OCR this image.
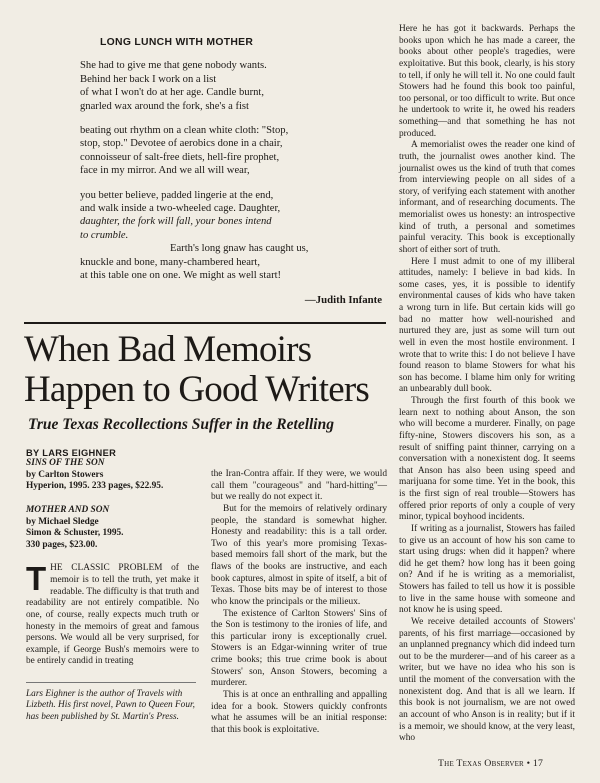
LONG LUNCH WITH MOTHER
She had to give me that gene nobody wants.
Behind her back I work on a list
of what I won't do at her age. Candle burnt,
gnarled wax around the fork, she's a fist
beating out rhythm on a clean white cloth: "Stop,
stop, stop." Devotee of aerobics done in a chair,
connoisseur of salt-free diets, hell-fire prophet,
face in my mirror. And we all will wear,
you better believe, padded lingerie at the end,
and walk inside a two-wheeled cage. Daughter,
daughter, the fork will fall, your bones intend
to crumble.
Earth's long gnaw has caught us,
knuckle and bone, many-chambered heart,
at this table one on one. We might as well start!
—Judith Infante
When Bad Memoirs
Happen to Good Writers
True Texas Recollections Suffer in the Retelling
BY LARS EIGHNER
SINS OF THE SON
by Carlton Stowers
Hyperion, 1995. 233 pages, $22.95.
MOTHER AND SON
by Michael Sledge
Simon & Schuster, 1995.
330 pages, $23.00.

THE CLASSIC PROBLEM of the memoir is to tell the truth, yet make it readable. The difficulty is that truth and readability are not entirely compatible. No one, of course, really expects much truth or honesty in the memoirs of great and famous persons. We would all be very surprised, for example, if George Bush's memoirs were to be entirely candid in treating

Lars Eighner is the author of Travels with Lizbeth. His first novel, Pawn to Queen Four, has been published by St. Martin's Press.

the Iran-Contra affair. If they were, we would call them "courageous" and "hard-hitting"—but we really do not expect it.

But for the memoirs of relatively ordinary people, the standard is somewhat higher. Honesty and readability: this is a tall order. Two of this year's more promising Texas-based memoirs fall short of the mark, but the flaws of the books are instructive, and each book captures, almost in spite of itself, a bit of Texas. Those bits may be of interest to those who know the principals or the milieux.

The existence of Carlton Stowers' Sins of the Son is testimony to the ironies of life, and this particular irony is exceptionally cruel. Stowers is an Edgar-winning writer of true crime books; this true crime book is about Stowers' son, Anson Stowers, becoming a murderer.

This is at once an enthralling and appalling idea for a book. Stowers quickly confronts what he assumes will be an initial response: that this book is exploitative.

Here he has got it backwards. Perhaps the books upon which he has made a career, the books about other people's tragedies, were exploitative. But this book, clearly, is his story to tell, if only he will tell it. No one could fault Stowers had he found this book too painful, too personal, or too difficult to write. But once he undertook to write it, he owed his readers something—and that something he has not produced.

A memorialist owes the reader one kind of truth, the journalist owes another kind. The journalist owes us the kind of truth that comes from interviewing people on all sides of a story, of verifying each statement with another informant, and of researching documents. The memorialist owes us honesty: an introspective kind of truth, a personal and sometimes painful veracity. This book is exceptionally short of either sort of truth.

Here I must admit to one of my illiberal attitudes, namely: I believe in bad kids. In some cases, yes, it is possible to identify environmental causes of kids who have taken a wrong turn in life. But certain kids will go bad no matter how well-nourished and nurtured they are, just as some will turn out well in even the most hostile environment. I wrote that to write this: I do not believe I have found reason to blame Stowers for what his son has become. I blame him only for writing an unbearably dull book.

Through the first fourth of this book we learn next to nothing about Anson, the son who will become a murderer. Finally, on page fifty-nine, Stowers discovers his son, as a result of sniffing paint thinner, carrying on a conversation with a nonexistent dog. It seems that Anson has also been using speed and marijuana for some time. Yet in the book, this is the first sign of real trouble—Stowers has offered prior reports of only a couple of very minor, typical boyhood incidents.

If writing as a journalist, Stowers has failed to give us an account of how his son came to start using drugs: when did it happen? where did he get them? how long has it been going on? And if he is writing as a memorialist, Stowers has failed to tell us how it is possible to live in the same house with someone and not know he is using speed.

We receive detailed accounts of Stowers' parents, of his first marriage—occasioned by an unplanned pregnancy which did indeed turn out to be the murderer—and of his career as a writer, but we have no idea who his son is until the moment of the conversation with the nonexistent dog. And that is all we learn. If this book is not journalism, we are not owed an account of who Anson is in reality; but if it is a memoir, we should know, at the very least, who

The Texas Observer • 17
